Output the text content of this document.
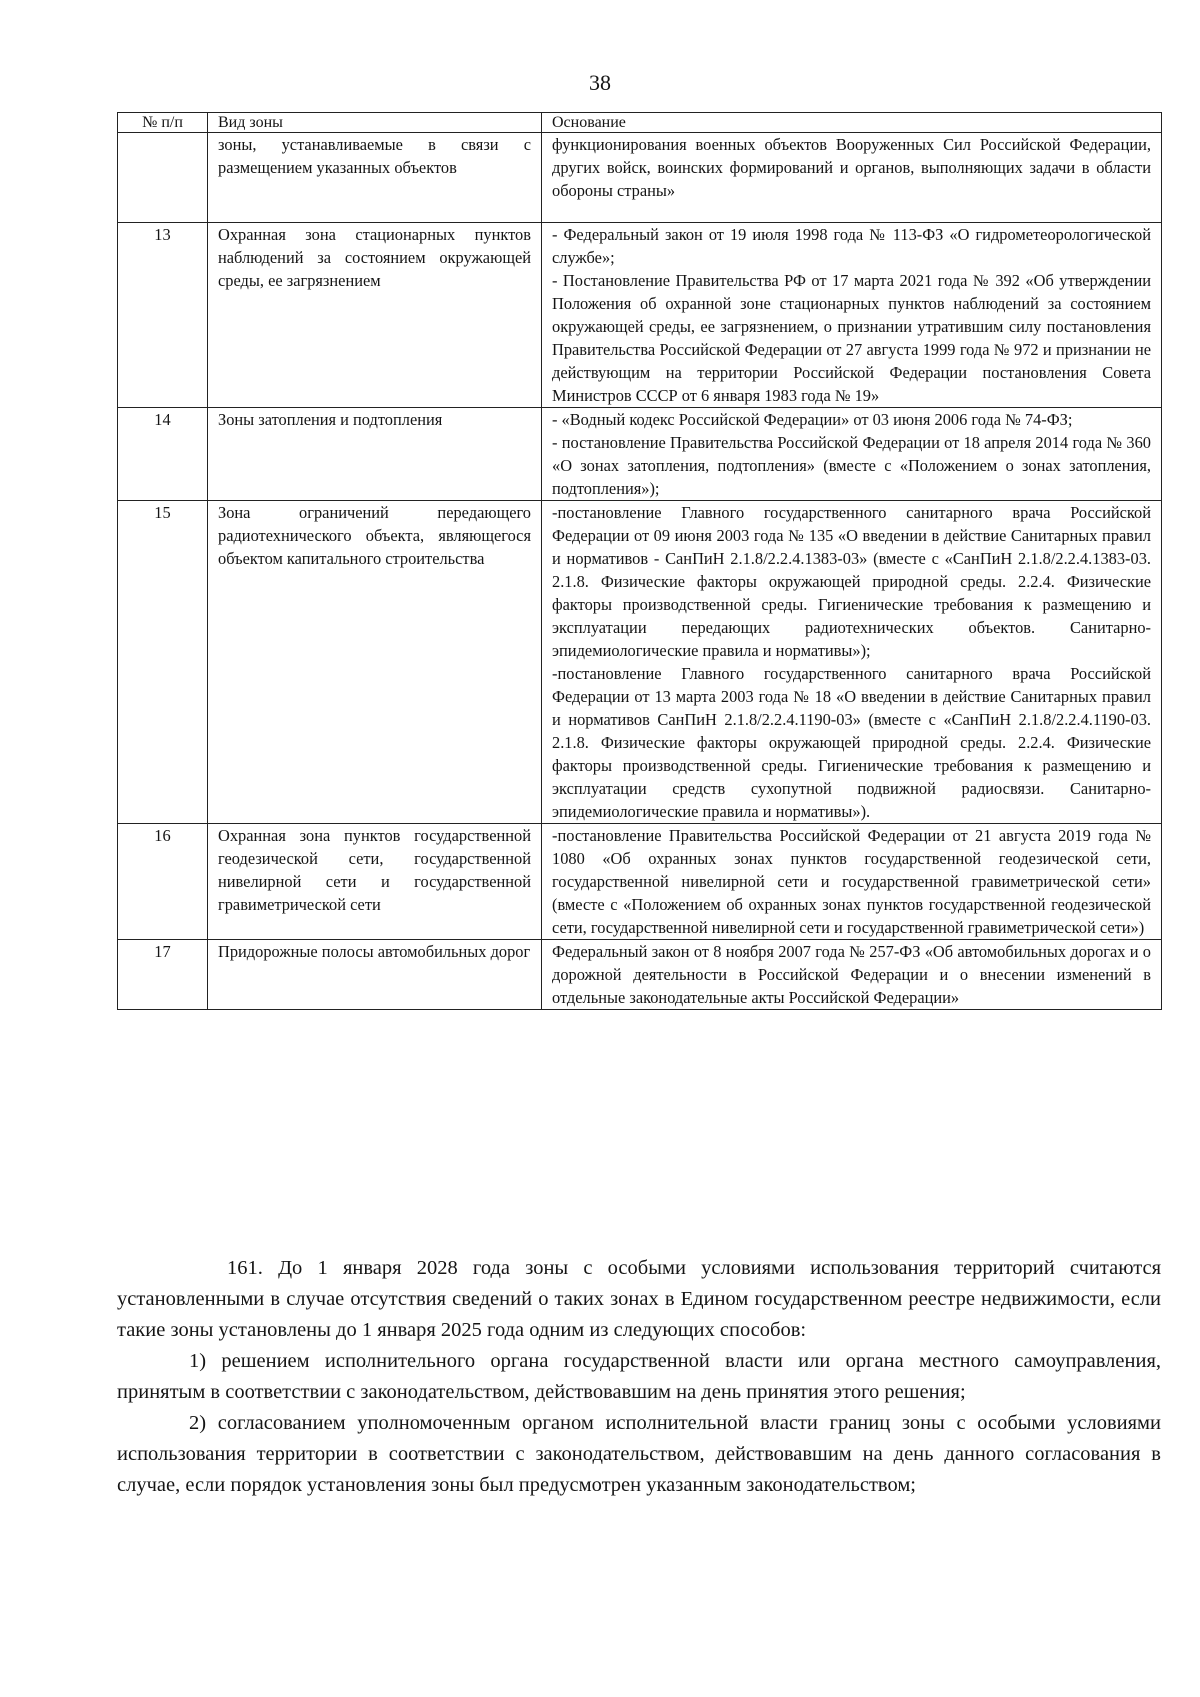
38
№ п/п	Вид зоны	Основание
	зоны, устанавливаемые в связи с размещением указанных объектов	функционирования военных объектов Вооруженных Сил Российской Федерации, других войск, воинских формирований и органов, выполняющих задачи в области обороны страны»

13	Охранная зона стационарных пунктов наблюдений за состоянием окружающей среды, ее загрязнением	- Федеральный закон от 19 июля 1998 года № 113-ФЗ «О гидрометеорологической службе»;
- Постановление Правительства РФ от 17 марта 2021 года № 392 «Об утверждении Положения об охранной зоне стационарных пунктов наблюдений за состоянием окружающей среды, ее загрязнением, о признании утратившим силу постановления Правительства Российской Федерации от 27 августа 1999 года № 972 и признании не действующим на территории Российской Федерации постановления Совета Министров СССР от 6 января 1983 года № 19»

14	Зоны затопления и подтопления	- «Водный кодекс Российской Федерации» от 03 июня 2006 года № 74-ФЗ;
- постановление Правительства Российской Федерации от 18 апреля 2014 года № 360 «О зонах затопления, подтопления» (вместе с «Положением о зонах затопления, подтопления»);

15	Зона ограничений передающего радиотехнического объекта, являющегося объектом капитального строительства	-постановление Главного государственного санитарного врача Российской Федерации от 09 июня 2003 года № 135 «О введении в действие Санитарных правил и нормативов - СанПиН 2.1.8/2.2.4.1383-03» (вместе с «СанПиН 2.1.8/2.2.4.1383-03. 2.1.8. Физические факторы окружающей природной среды. 2.2.4. Физические факторы производственной среды. Гигиенические требования к размещению и эксплуатации передающих радиотехнических объектов. Санитарно-эпидемиологические правила и нормативы»);
-постановление Главного государственного санитарного врача Российской Федерации от 13 марта 2003 года № 18 «О введении в действие Санитарных правил и нормативов СанПиН 2.1.8/2.2.4.1190-03» (вместе с «СанПиН 2.1.8/2.2.4.1190-03. 2.1.8. Физические факторы окружающей природной среды. 2.2.4. Физические факторы производственной среды. Гигиенические требования к размещению и эксплуатации средств сухопутной подвижной радиосвязи. Санитарно-эпидемиологические правила и нормативы»).

16	Охранная зона пунктов государственной геодезической сети, государственной нивелирной сети и государственной гравиметрической сети	-постановление Правительства Российской Федерации от 21 августа 2019 года № 1080 «Об охранных зонах пунктов государственной геодезической сети, государственной нивелирной сети и государственной гравиметрической сети» (вместе с «Положением об охранных зонах пунктов государственной геодезической сети, государственной нивелирной сети и государственной гравиметрической сети»)

17	Придорожные полосы автомобильных дорог	Федеральный закон от 8 ноября 2007 года № 257-ФЗ «Об автомобильных дорогах и о дорожной деятельности в Российской Федерации и о внесении изменений в отдельные законодательные акты Российской Федерации»

161. До 1 января 2028 года зоны с особыми условиями использования территорий считаются установленными в случае отсутствия сведений о таких зонах в Едином государственном реестре недвижимости, если такие зоны установлены до 1 января 2025 года одним из следующих способов:

1) решением исполнительного органа государственной власти или органа местного самоуправления, принятым в соответствии с законодательством, действовавшим на день принятия этого решения;

2) согласованием уполномоченным органом исполнительной власти границ зоны с особыми условиями использования территории в соответствии с законодательством, действовавшим на день данного согласования в случае, если порядок установления зоны был предусмотрен указанным законодательством;
